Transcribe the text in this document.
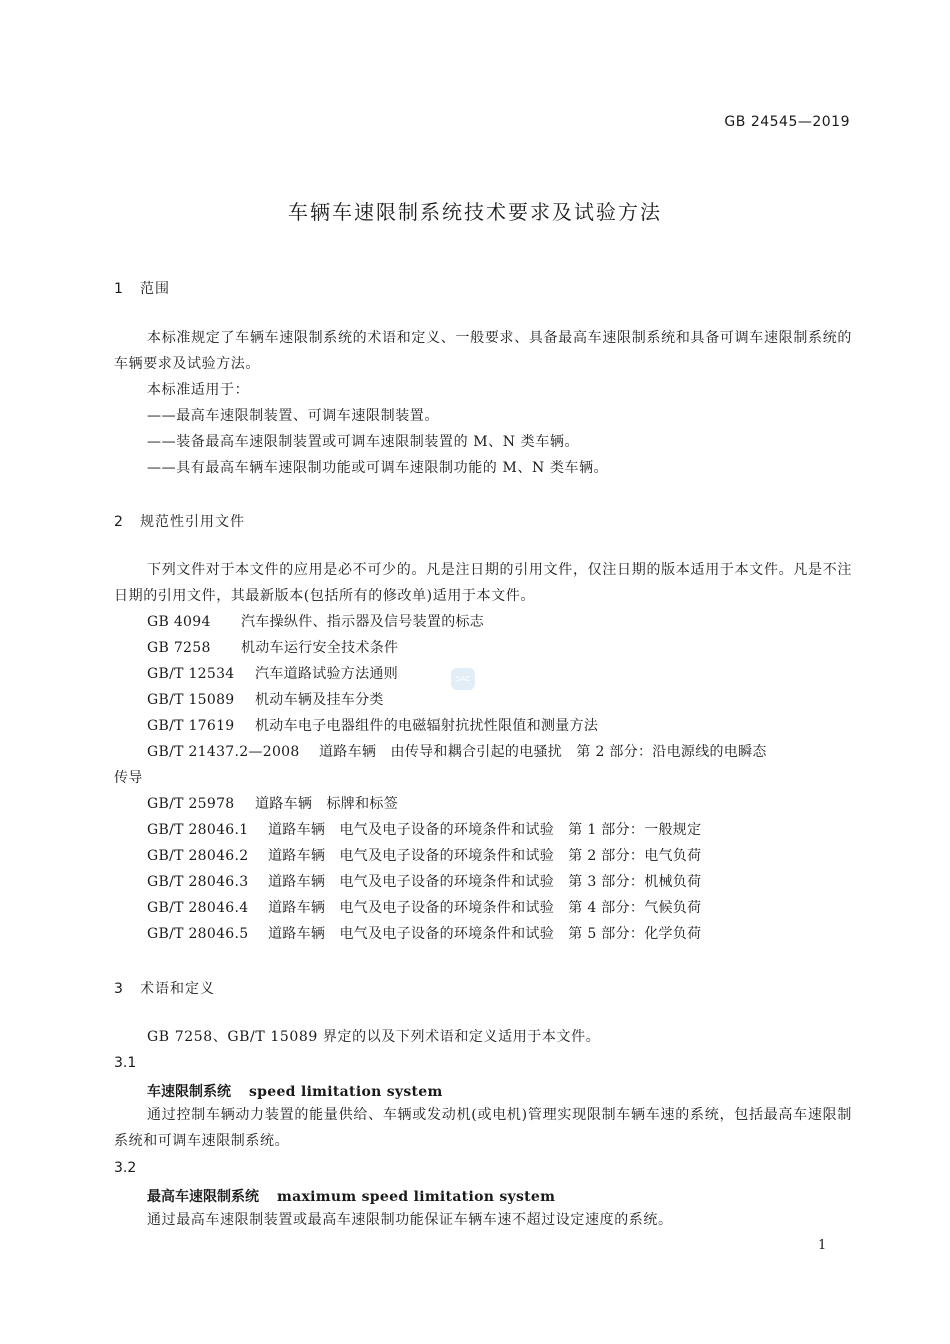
GB 24545—2019
车辆车速限制系统技术要求及试验方法
1 范围
本标准规定了车辆车速限制系统的术语和定义、一般要求、具备最高车速限制系统和具备可调车速限制系统的车辆要求及试验方法。
本标准适用于：
——最高车速限制装置、可调车速限制装置。
——装备最高车速限制装置或可调车速限制装置的 M、N 类车辆。
——具有最高车辆车速限制功能或可调车速限制功能的 M、N 类车辆。
2 规范性引用文件
下列文件对于本文件的应用是必不可少的。凡是注日期的引用文件，仅注日期的版本适用于本文件。凡是不注日期的引用文件，其最新版本(包括所有的修改单)适用于本文件。
GB 4094 汽车操纵件、指示器及信号装置的标志
GB 7258 机动车运行安全技术条件
GB/T 12534 汽车道路试验方法通则
GB/T 15089 机动车辆及挂车分类
GB/T 17619 机动车电子电器组件的电磁辐射抗扰性限值和测量方法
GB/T 21437.2—2008 道路车辆　由传导和耦合引起的电骚扰　第 2 部分：沿电源线的电瞬态
传导
GB/T 25978 道路车辆　标牌和标签
GB/T 28046.1 道路车辆　电气及电子设备的环境条件和试验　第 1 部分：一般规定
GB/T 28046.2 道路车辆　电气及电子设备的环境条件和试验　第 2 部分：电气负荷
GB/T 28046.3 道路车辆　电气及电子设备的环境条件和试验　第 3 部分：机械负荷
GB/T 28046.4 道路车辆　电气及电子设备的环境条件和试验　第 4 部分：气候负荷
GB/T 28046.5 道路车辆　电气及电子设备的环境条件和试验　第 5 部分：化学负荷
SAC
3 术语和定义
GB 7258、GB/T 15089 界定的以及下列术语和定义适用于本文件。
3.1
车速限制系统 speed limitation system
通过控制车辆动力装置的能量供给、车辆或发动机(或电机)管理实现限制车辆车速的系统，包括最高车速限制系统和可调车速限制系统。
3.2
最高车速限制系统 maximum speed limitation system
通过最高车速限制装置或最高车速限制功能保证车辆车速不超过设定速度的系统。
1
